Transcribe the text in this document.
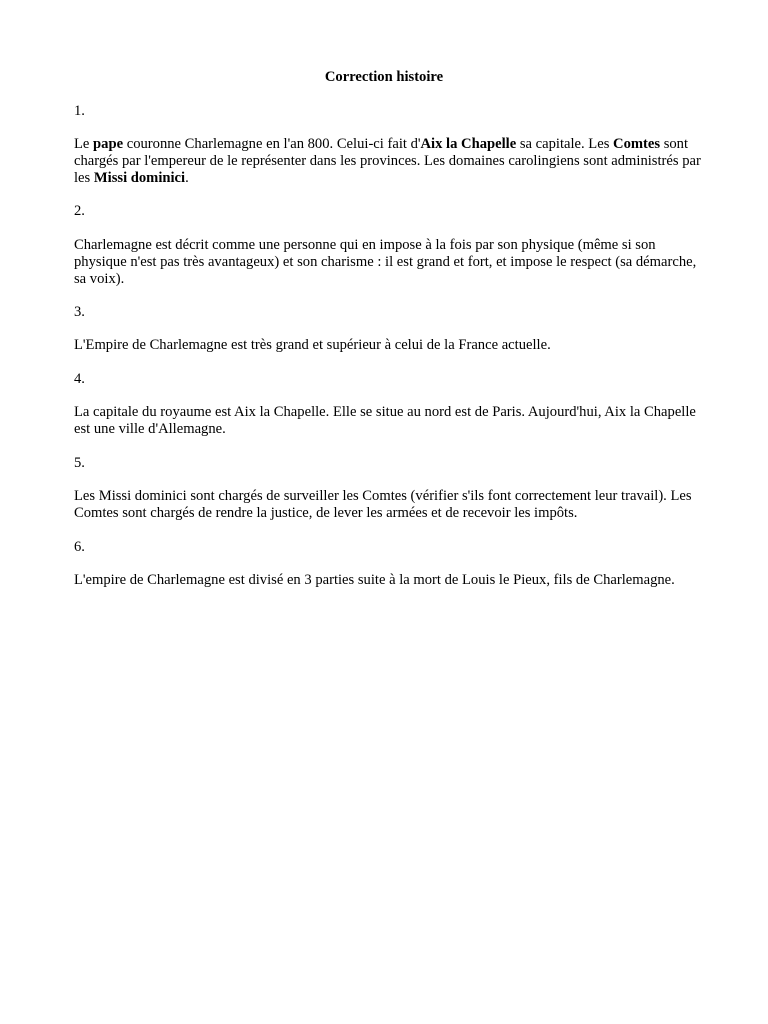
Correction histoire
1.

Le pape couronne Charlemagne en l'an 800. Celui-ci fait d'Aix la Chapelle sa capitale. Les Comtes sont chargés par l'empereur de le représenter dans les provinces. Les domaines carolingiens sont administrés par les Missi dominici.

2.

Charlemagne est décrit comme une personne qui en impose à la fois par son physique (même si son physique n'est pas très avantageux) et son charisme : il est grand et fort, et impose le respect (sa démarche, sa voix).

3.

L'Empire de Charlemagne est très grand et supérieur à celui de la France actuelle.

4.

La capitale du royaume est Aix la Chapelle. Elle se situe au nord est de Paris. Aujourd'hui, Aix la Chapelle est une ville d'Allemagne.

5.

Les Missi dominici sont chargés de surveiller les Comtes (vérifier s'ils font correctement leur travail). Les Comtes sont chargés de rendre la justice, de lever les armées et de recevoir les impôts.

6.

L'empire de Charlemagne est divisé en 3 parties suite à la mort de Louis le Pieux, fils de Charlemagne.
